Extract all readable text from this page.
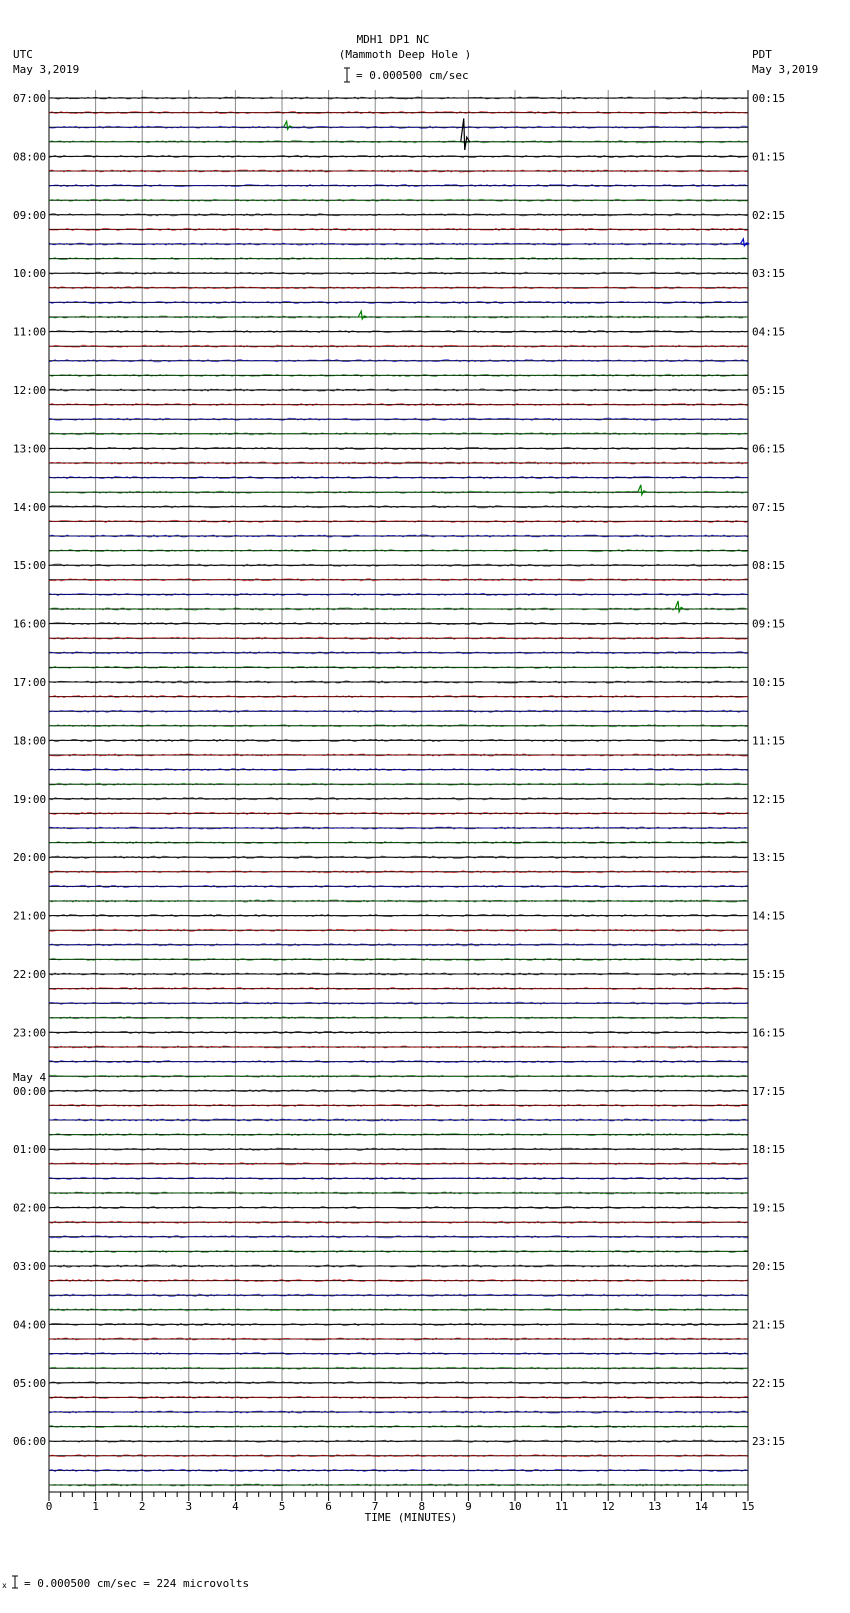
MDH1 DP1 NC
(Mammoth Deep Hole )
UTC
May 3,2019
PDT
May 3,2019
= 0.000500 cm/sec
07:00	00:15
08:00	01:15
09:00	02:15
10:00	03:15
11:00	04:15
12:00	05:15
13:00	06:15
14:00	07:15
15:00	08:15
16:00	09:15
17:00	10:15
18:00	11:15
19:00	12:15
20:00	13:15
21:00	14:15
22:00	15:15
23:00	16:15
00:00
May 4
17:15
01:00	18:15
02:00	19:15
03:00	20:15
04:00	21:15
05:00	22:15
06:00	23:15
0	1	2	3	4	5	6	7	8	9	10	11	12	13	14	15
TIME (MINUTES)
x = 0.000500 cm/sec = 224 microvolts
